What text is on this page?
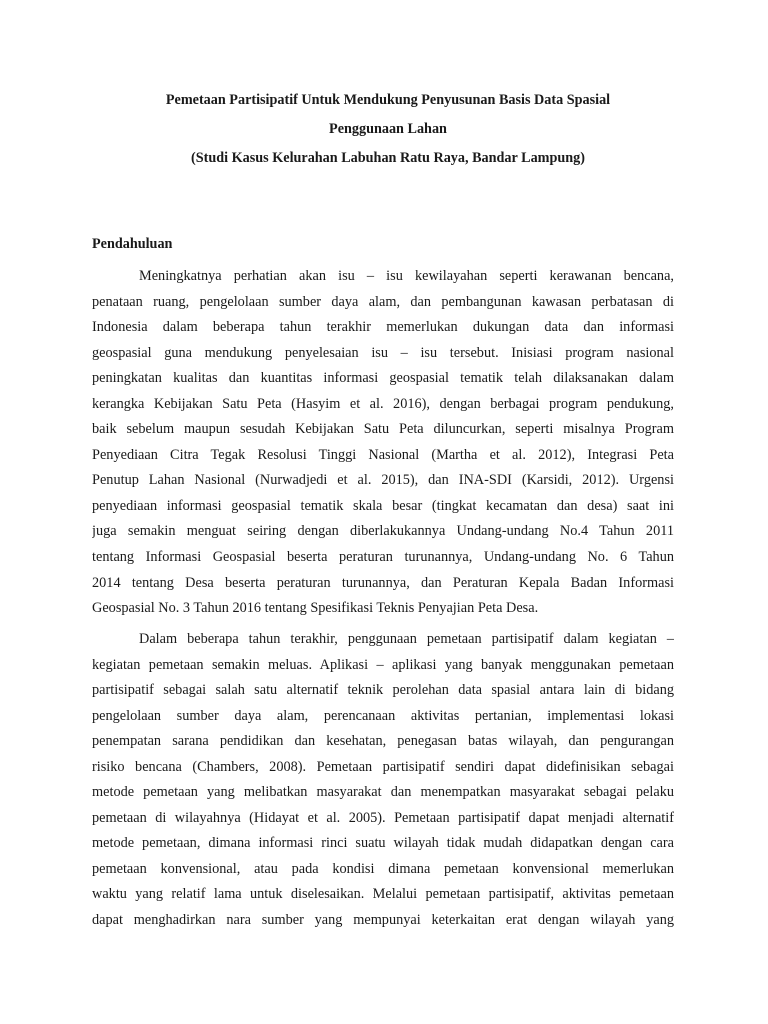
Pemetaan Partisipatif Untuk Mendukung Penyusunan Basis Data Spasial
Penggunaan Lahan
(Studi Kasus Kelurahan Labuhan Ratu Raya, Bandar Lampung)
Pendahuluan
Meningkatnya perhatian akan isu – isu kewilayahan seperti kerawanan bencana,
penataan ruang, pengelolaan sumber daya alam, dan pembangunan kawasan perbatasan di
Indonesia dalam beberapa tahun terakhir memerlukan dukungan data dan informasi
geospasial guna mendukung penyelesaian isu – isu tersebut. Inisiasi program nasional
peningkatan kualitas dan kuantitas informasi geospasial tematik telah dilaksanakan dalam
kerangka Kebijakan Satu Peta (Hasyim et al. 2016), dengan berbagai program pendukung,
baik sebelum maupun sesudah Kebijakan Satu Peta diluncurkan, seperti misalnya Program
Penyediaan Citra Tegak Resolusi Tinggi Nasional (Martha et al. 2012), Integrasi Peta
Penutup Lahan Nasional (Nurwadjedi et al. 2015), dan INA-SDI (Karsidi, 2012). Urgensi
penyediaan informasi geospasial tematik skala besar (tingkat kecamatan dan desa) saat ini
juga semakin menguat seiring dengan diberlakukannya Undang-undang No.4 Tahun 2011
tentang Informasi Geospasial beserta peraturan turunannya, Undang-undang No. 6 Tahun
2014 tentang Desa beserta peraturan turunannya, dan Peraturan Kepala Badan Informasi
Geospasial No. 3 Tahun 2016 tentang Spesifikasi Teknis Penyajian Peta Desa.
Dalam beberapa tahun terakhir, penggunaan pemetaan partisipatif dalam kegiatan –
kegiatan pemetaan semakin meluas. Aplikasi – aplikasi yang banyak menggunakan pemetaan
partisipatif sebagai salah satu alternatif teknik perolehan data spasial antara lain di bidang
pengelolaan sumber daya alam, perencanaan aktivitas pertanian, implementasi lokasi
penempatan sarana pendidikan dan kesehatan, penegasan batas wilayah, dan pengurangan
risiko bencana (Chambers, 2008). Pemetaan partisipatif sendiri dapat didefinisikan sebagai
metode pemetaan yang melibatkan masyarakat dan menempatkan masyarakat sebagai pelaku
pemetaan di wilayahnya (Hidayat et al. 2005). Pemetaan partisipatif dapat menjadi alternatif
metode pemetaan, dimana informasi rinci suatu wilayah tidak mudah didapatkan dengan cara
pemetaan konvensional, atau pada kondisi dimana pemetaan konvensional memerlukan
waktu yang relatif lama untuk diselesaikan. Melalui pemetaan partisipatif, aktivitas pemetaan
dapat menghadirkan nara sumber yang mempunyai keterkaitan erat dengan wilayah yang
